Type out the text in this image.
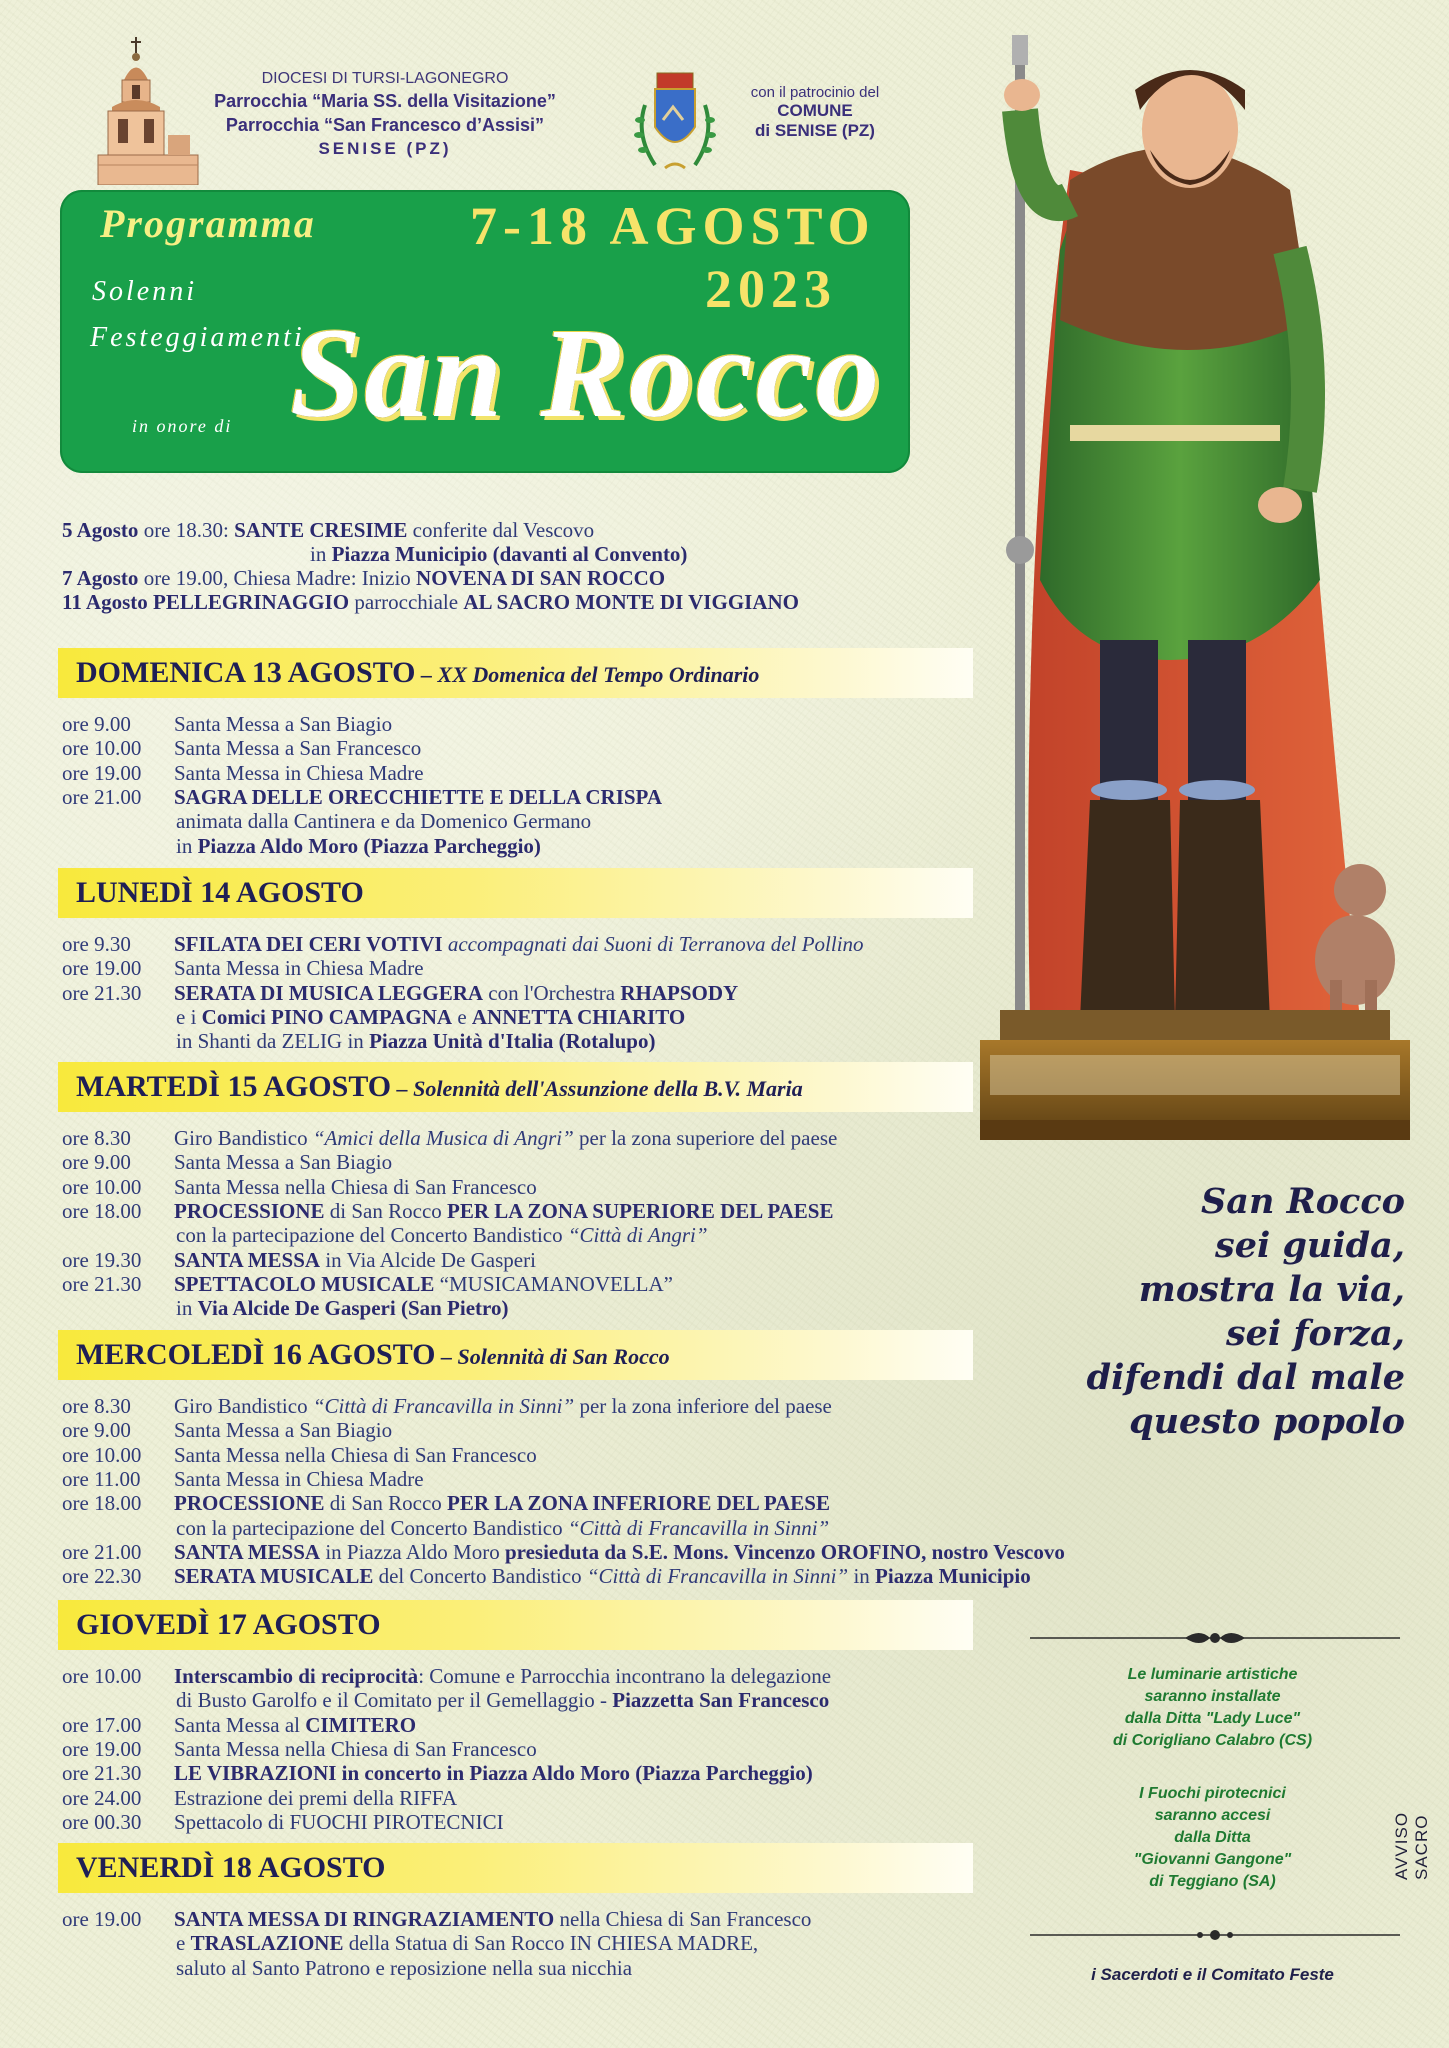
DIOCESI DI TURSI-LAGONEGRO
Parrocchia “Maria SS. della Visitazione”
Parrocchia “San Francesco d’Assisi”
SENISE (PZ)
con il patrocinio del
COMUNE
di SENISE (PZ)
Programma	7-18 AGOSTO
2023
Solenni
Festeggiamenti
in onore di San Rocco
5 Agosto ore 18.30: SANTE CRESIME conferite dal Vescovo
in Piazza Municipio (davanti al Convento)
7 Agosto ore 19.00, Chiesa Madre: Inizio NOVENA DI SAN ROCCO
11 Agosto PELLEGRINAGGIO parrocchiale AL SACRO MONTE DI VIGGIANO
DOMENICA 13 AGOSTO – XX Domenica del Tempo Ordinario
ore 9.00 Santa Messa a San Biagio
ore 10.00 Santa Messa a San Francesco
ore 19.00 Santa Messa in Chiesa Madre
ore 21.00 SAGRA DELLE ORECCHIETTE E DELLA CRISPA
animata dalla Cantinera e da Domenico Germano
in Piazza Aldo Moro (Piazza Parcheggio)
LUNEDÌ 14 AGOSTO
ore 9.30 SFILATA DEI CERI VOTIVI accompagnati dai Suoni di Terranova del Pollino
ore 19.00 Santa Messa in Chiesa Madre
ore 21.30 SERATA DI MUSICA LEGGERA con l'Orchestra RHAPSODY
e i Comici PINO CAMPAGNA e ANNETTA CHIARITO
in Shanti da ZELIG in Piazza Unità d'Italia (Rotalupo)
MARTEDÌ 15 AGOSTO – Solennità dell'Assunzione della B.V. Maria
ore 8.30 Giro Bandistico “Amici della Musica di Angri” per la zona superiore del paese
ore 9.00 Santa Messa a San Biagio
ore 10.00 Santa Messa nella Chiesa di San Francesco
ore 18.00 PROCESSIONE di San Rocco PER LA ZONA SUPERIORE DEL PAESE
con la partecipazione del Concerto Bandistico “Città di Angri”
ore 19.30 SANTA MESSA in Via Alcide De Gasperi
ore 21.30 SPETTACOLO MUSICALE “MUSICAMANOVELLA”
in Via Alcide De Gasperi (San Pietro)
MERCOLEDÌ 16 AGOSTO – Solennità di San Rocco
ore 8.30 Giro Bandistico “Città di Francavilla in Sinni” per la zona inferiore del paese
ore 9.00 Santa Messa a San Biagio
ore 10.00 Santa Messa nella Chiesa di San Francesco
ore 11.00 Santa Messa in Chiesa Madre
ore 18.00 PROCESSIONE di San Rocco PER LA ZONA INFERIORE DEL PAESE
con la partecipazione del Concerto Bandistico “Città di Francavilla in Sinni”
ore 21.00 SANTA MESSA in Piazza Aldo Moro presieduta da S.E. Mons. Vincenzo OROFINO, nostro Vescovo
ore 22.30 SERATA MUSICALE del Concerto Bandistico “Città di Francavilla in Sinni” in Piazza Municipio
GIOVEDÌ 17 AGOSTO
ore 10.00 Interscambio di reciprocità: Comune e Parrocchia incontrano la delegazione
di Busto Garolfo e il Comitato per il Gemellaggio - Piazzetta San Francesco
ore 17.00 Santa Messa al CIMITERO
ore 19.00 Santa Messa nella Chiesa di San Francesco
ore 21.30 LE VIBRAZIONI in concerto in Piazza Aldo Moro (Piazza Parcheggio)
ore 24.00 Estrazione dei premi della RIFFA
ore 00.30 Spettacolo di FUOCHI PIROTECNICI
VENERDÌ 18 AGOSTO
ore 19.00 SANTA MESSA DI RINGRAZIAMENTO nella Chiesa di San Francesco
e TRASLAZIONE della Statua di San Rocco IN CHIESA MADRE,
saluto al Santo Patrono e reposizione nella sua nicchia
San Rocco
sei guida,
mostra la via,
sei forza,
difendi dal male
questo popolo
Le luminarie artistiche
saranno installate
dalla Ditta "Lady Luce"
di Corigliano Calabro (CS)
I Fuochi pirotecnici
saranno accesi
dalla Ditta
"Giovanni Gangone"
di Teggiano (SA)
i Sacerdoti e il Comitato Feste
AVVISO SACRO
